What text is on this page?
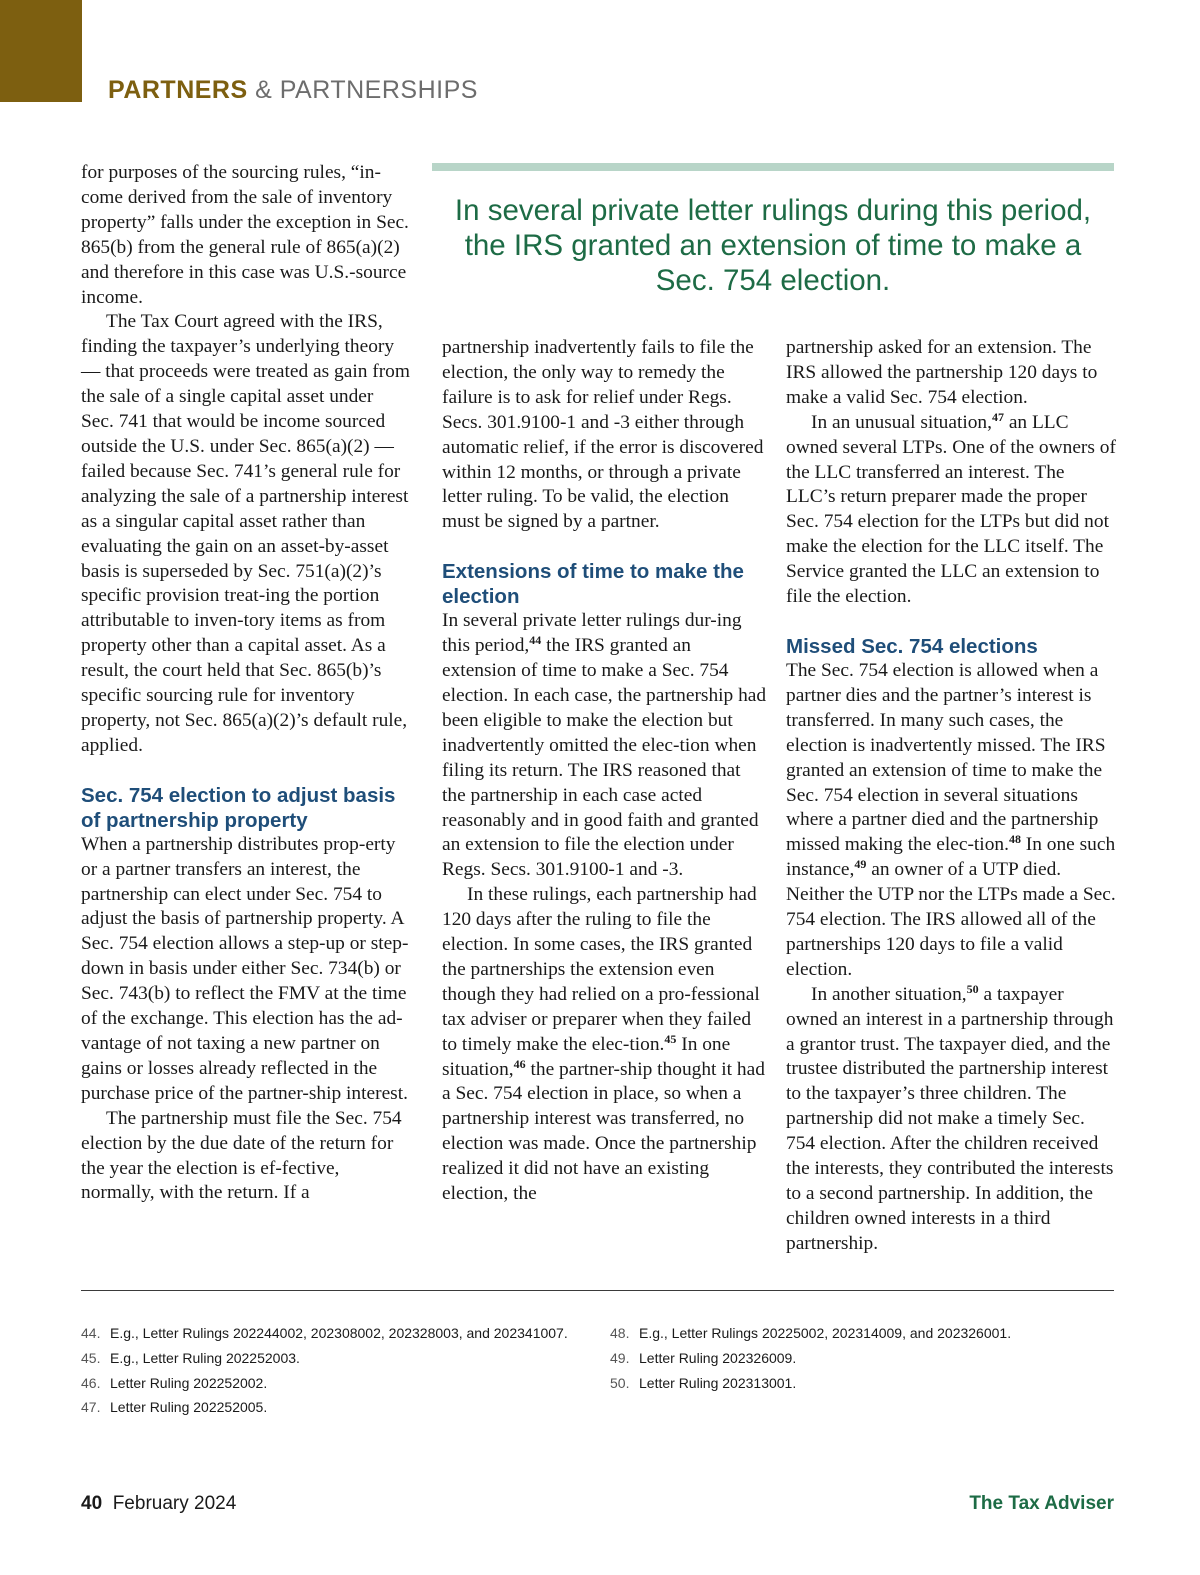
PARTNERS & PARTNERSHIPS

for purposes of the sourcing rules, “in-come derived from the sale of inventory property” falls under the exception in Sec. 865(b) from the general rule of 865(a)(2) and therefore in this case was U.S.-source income.

The Tax Court agreed with the IRS, finding the taxpayer’s underlying theory — that proceeds were treated as gain from the sale of a single capital asset under Sec. 741 that would be income sourced outside the U.S. under Sec. 865(a)(2) — failed because Sec. 741’s general rule for analyzing the sale of a partnership interest as a singular capital asset rather than evaluating the gain on an asset-by-asset basis is superseded by Sec. 751(a)(2)’s specific provision treat-ing the portion attributable to inven-tory items as from property other than a capital asset. As a result, the court held that Sec. 865(b)’s specific sourcing rule for inventory property, not Sec. 865(a)(2)’s default rule, applied.

Sec. 754 election to adjust basis of partnership property

When a partnership distributes prop-erty or a partner transfers an interest, the partnership can elect under Sec. 754 to adjust the basis of partnership property. A Sec. 754 election allows a step-up or step-down in basis under either Sec. 734(b) or Sec. 743(b) to reflect the FMV at the time of the exchange. This election has the ad-vantage of not taxing a new partner on gains or losses already reflected in the purchase price of the partner-ship interest.

The partnership must file the Sec. 754 election by the due date of the return for the year the election is ef-fective, normally, with the return. If a

In several private letter rulings during this period, the IRS granted an extension of time to make a Sec. 754 election.

partnership inadvertently fails to file the election, the only way to remedy the failure is to ask for relief under Regs. Secs. 301.9100-1 and -3 either through automatic relief, if the error is discovered within 12 months, or through a private letter ruling. To be valid, the election must be signed by a partner.

Extensions of time to make the election

In several private letter rulings dur-ing this period,$^{44}$ the IRS granted an extension of time to make a Sec. 754 election. In each case, the partnership had been eligible to make the election but inadvertently omitted the elec-tion when filing its return. The IRS reasoned that the partnership in each case acted reasonably and in good faith and granted an extension to file the election under Regs. Secs. 301.9100-1 and -3.

In these rulings, each partnership had 120 days after the ruling to file the election. In some cases, the IRS granted the partnerships the extension even though they had relied on a pro-fessional tax adviser or preparer when they failed to timely make the elec-tion.$^{45}$ In one situation,$^{46}$ the partner-ship thought it had a Sec. 754 election in place, so when a partnership interest was transferred, no election was made. Once the partnership realized it did not have an existing election, the

partnership asked for an extension. The IRS allowed the partnership 120 days to make a valid Sec. 754 election.

In an unusual situation,$^{47}$ an LLC owned several LTPs. One of the owners of the LLC transferred an interest. The LLC’s return preparer made the proper Sec. 754 election for the LTPs but did not make the election for the LLC itself. The Service granted the LLC an extension to file the election.

Missed Sec. 754 elections

The Sec. 754 election is allowed when a partner dies and the partner’s interest is transferred. In many such cases, the election is inadvertently missed. The IRS granted an extension of time to make the Sec. 754 election in several situations where a partner died and the partnership missed making the elec-tion.$^{48}$ In one such instance,$^{49}$ an owner of a UTP died. Neither the UTP nor the LTPs made a Sec. 754 election. The IRS allowed all of the partnerships 120 days to file a valid election.

In another situation,$^{50}$ a taxpayer owned an interest in a partnership through a grantor trust. The taxpayer died, and the trustee distributed the partnership interest to the taxpayer’s three children. The partnership did not make a timely Sec. 754 election. After the children received the interests, they contributed the interests to a second partnership. In addition, the children owned interests in a third partnership.

44. E.g., Letter Rulings 202244002, 202308002, 202328003, and 202341007.
45. E.g., Letter Ruling 202252003.
46. Letter Ruling 202252002.
47. Letter Ruling 202252005.
48. E.g., Letter Rulings 20225002, 202314009, and 202326001.
49. Letter Ruling 202326009.
50. Letter Ruling 202313001.
40 February 2024	The Tax Adviser
